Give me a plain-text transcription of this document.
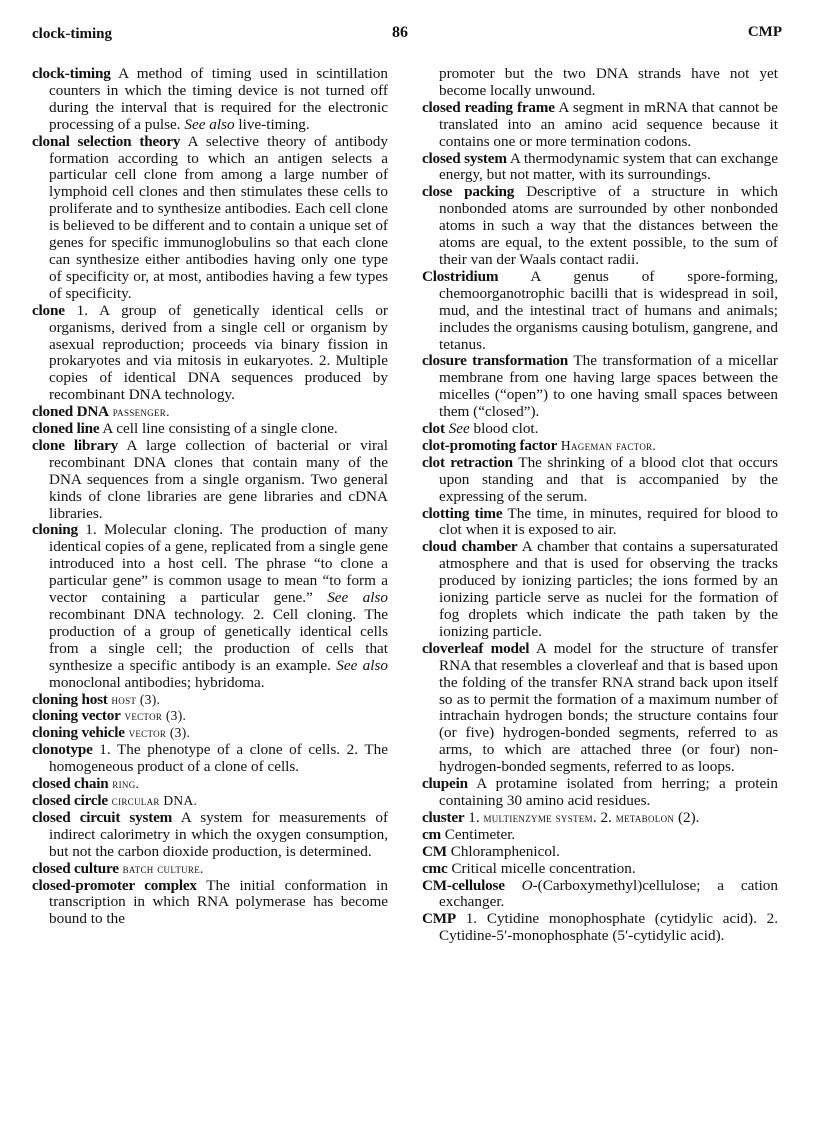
clock-timing	86	CMP

clock-timing A method of timing used in scintillation counters in which the timing device is not turned off during the interval that is required for the electronic processing of a pulse. See also live-timing.

clonal selection theory A selective theory of antibody formation according to which an antigen selects a particular cell clone from among a large number of lymphoid cell clones and then stimulates these cells to proliferate and to synthesize antibodies. Each cell clone is believed to be different and to contain a unique set of genes for specific immunoglobulins so that each clone can synthesize either antibodies having only one type of specificity or, at most, antibodies having a few types of specificity.

clone 1. A group of genetically identical cells or organisms, derived from a single cell or organism by asexual reproduction; proceeds via binary fission in prokaryotes and via mitosis in eukaryotes. 2. Multiple copies of identical DNA sequences produced by recombinant DNA technology.

cloned DNA passenger.

cloned line A cell line consisting of a single clone.

clone library A large collection of bacterial or viral recombinant DNA clones that contain many of the DNA sequences from a single organism. Two general kinds of clone libraries are gene libraries and cDNA libraries.

cloning 1. Molecular cloning. The production of many identical copies of a gene, replicated from a single gene introduced into a host cell. The phrase “to clone a particular gene” is common usage to mean “to form a vector containing a particular gene.” See also recombinant DNA technology. 2. Cell cloning. The production of a group of genetically identical cells from a single cell; the production of cells that synthesize a specific antibody is an example. See also monoclonal antibodies; hybridoma.

cloning host host (3).

cloning vector vector (3).

cloning vehicle vector (3).

clonotype 1. The phenotype of a clone of cells. 2. The homogeneous product of a clone of cells.

closed chain ring.

closed circle circular DNA.

closed circuit system A system for measurements of indirect calorimetry in which the oxygen consumption, but not the carbon dioxide production, is determined.

closed culture batch culture.

closed-promoter complex The initial conformation in transcription in which RNA polymerase has become bound to the

promoter but the two DNA strands have not yet become locally unwound.

closed reading frame A segment in mRNA that cannot be translated into an amino acid sequence because it contains one or more termination codons.

closed system A thermodynamic system that can exchange energy, but not matter, with its surroundings.

close packing Descriptive of a structure in which nonbonded atoms are surrounded by other nonbonded atoms in such a way that the distances between the atoms are equal, to the extent possible, to the sum of their van der Waals contact radii.

Clostridium A genus of spore-forming, chemoorganotrophic bacilli that is widespread in soil, mud, and the intestinal tract of humans and animals; includes the organisms causing botulism, gangrene, and tetanus.

closure transformation The transformation of a micellar membrane from one having large spaces between the micelles (“open”) to one having small spaces between them (“closed”).

clot See blood clot.

clot-promoting factor Hageman factor.

clot retraction The shrinking of a blood clot that occurs upon standing and that is accompanied by the expressing of the serum.

clotting time The time, in minutes, required for blood to clot when it is exposed to air.

cloud chamber A chamber that contains a supersaturated atmosphere and that is used for observing the tracks produced by ionizing particles; the ions formed by an ionizing particle serve as nuclei for the formation of fog droplets which indicate the path taken by the ionizing particle.

cloverleaf model A model for the structure of transfer RNA that resembles a cloverleaf and that is based upon the folding of the transfer RNA strand back upon itself so as to permit the formation of a maximum number of intrachain hydrogen bonds; the structure contains four (or five) hydrogen-bonded segments, referred to as arms, to which are attached three (or four) non-hydrogen-bonded segments, referred to as loops.

clupein A protamine isolated from herring; a protein containing 30 amino acid residues.

cluster 1. multienzyme system. 2. metabolon (2).

cm Centimeter.

CM Chloramphenicol.

cmc Critical micelle concentration.

CM-cellulose O-(Carboxymethyl)cellulose; a cation exchanger.

CMP 1. Cytidine monophosphate (cytidylic acid). 2. Cytidine-5′-monophosphate (5′-cytidylic acid).
